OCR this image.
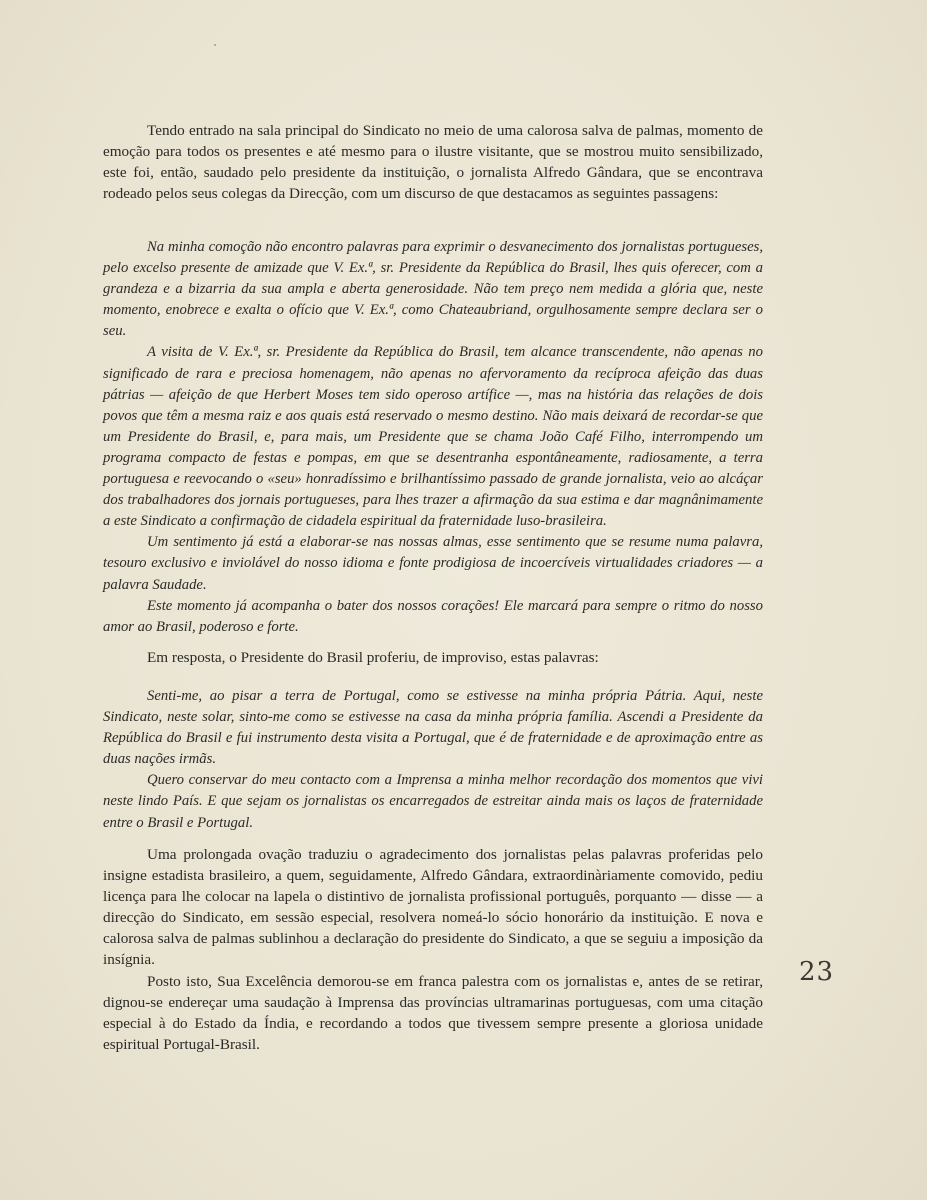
Tendo entrado na sala principal do Sindicato no meio de uma calorosa salva de palmas, momento de emoção para todos os presentes e até mesmo para o ilustre visitante, que se mostrou muito sensibilizado, este foi, então, saudado pelo presidente da instituição, o jornalista Alfredo Gândara, que se encontrava rodeado pelos seus colegas da Direcção, com um discurso de que destacamos as seguintes passagens:

Na minha comoção não encontro palavras para exprimir o desvanecimento dos jornalistas portugueses, pelo excelso presente de amizade que V. Ex.ª, sr. Presidente da República do Brasil, lhes quis oferecer, com a grandeza e a bizarria da sua ampla e aberta generosidade. Não tem preço nem medida a glória que, neste momento, enobrece e exalta o ofício que V. Ex.ª, como Chateaubriand, orgulhosamente sempre declara ser o seu.

A visita de V. Ex.ª, sr. Presidente da República do Brasil, tem alcance transcendente, não apenas no significado de rara e preciosa homenagem, não apenas no afervoramento da recíproca afeição das duas pátrias — afeição de que Herbert Moses tem sido operoso artífice —, mas na história das relações de dois povos que têm a mesma raiz e aos quais está reservado o mesmo destino. Não mais deixará de recordar-se que um Presidente do Brasil, e, para mais, um Presidente que se chama João Café Filho, interrompendo um programa compacto de festas e pompas, em que se desentranha espontâneamente, radiosamente, a terra portuguesa e reevocando o «seu» honradíssimo e brilhantíssimo passado de grande jornalista, veio ao alcáçar dos trabalhadores dos jornais portugueses, para lhes trazer a afirmação da sua estima e dar magnânimamente a este Sindicato a confirmação de cidadela espiritual da fraternidade luso-brasileira.

Um sentimento já está a elaborar-se nas nossas almas, esse sentimento que se resume numa palavra, tesouro exclusivo e inviolável do nosso idioma e fonte prodigiosa de incoercíveis virtualidades criadores — a palavra Saudade.

Este momento já acompanha o bater dos nossos corações! Ele marcará para sempre o ritmo do nosso amor ao Brasil, poderoso e forte.

Em resposta, o Presidente do Brasil proferiu, de improviso, estas palavras:

Senti-me, ao pisar a terra de Portugal, como se estivesse na minha própria Pátria. Aqui, neste Sindicato, neste solar, sinto-me como se estivesse na casa da minha própria família. Ascendi a Presidente da República do Brasil e fui instrumento desta visita a Portugal, que é de fraternidade e de aproximação entre as duas nações irmãs.

Quero conservar do meu contacto com a Imprensa a minha melhor recordação dos momentos que vivi neste lindo País. E que sejam os jornalistas os encarregados de estreitar ainda mais os laços de fraternidade entre o Brasil e Portugal.

Uma prolongada ovação traduziu o agradecimento dos jornalistas pelas palavras proferidas pelo insigne estadista brasileiro, a quem, seguidamente, Alfredo Gândara, extraordinàriamente comovido, pediu licença para lhe colocar na lapela o distintivo de jornalista profissional português, porquanto — disse — a direcção do Sindicato, em sessão especial, resolvera nomeá-lo sócio honorário da instituição. E nova e calorosa salva de palmas sublinhou a declaração do presidente do Sindicato, a que se seguiu a imposição da insígnia.

Posto isto, Sua Excelência demorou-se em franca palestra com os jornalistas e, antes de se retirar, dignou-se endereçar uma saudação à Imprensa das províncias ultramarinas portuguesas, com uma citação especial à do Estado da Índia, e recordando a todos que tivessem sempre presente a gloriosa unidade espiritual Portugal-Brasil.

23
